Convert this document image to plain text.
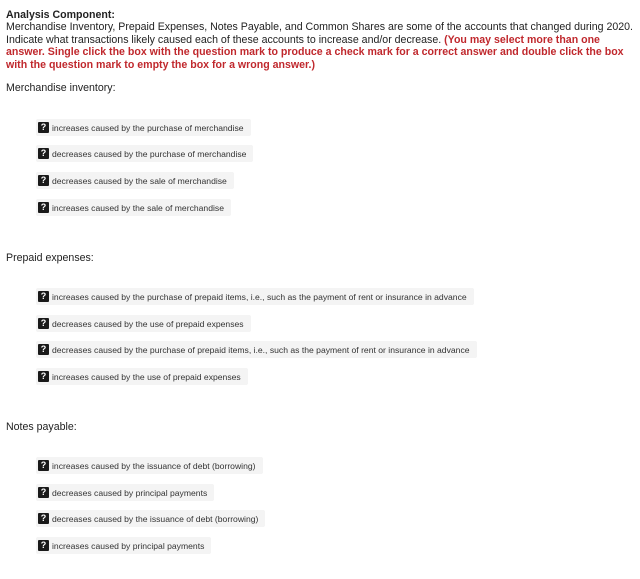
Analysis Component:
Merchandise Inventory, Prepaid Expenses, Notes Payable, and Common Shares are some of the accounts that changed during 2020. Indicate what transactions likely caused each of these accounts to increase and/or decrease. (You may select more than one answer. Single click the box with the question mark to produce a check mark for a correct answer and double click the box with the question mark to empty the box for a wrong answer.)
Merchandise inventory:
? increases caused by the purchase of merchandise
? decreases caused by the purchase of merchandise
? decreases caused by the sale of merchandise
? increases caused by the sale of merchandise
Prepaid expenses:
? increases caused by the purchase of prepaid items, i.e., such as the payment of rent or insurance in advance
? decreases caused by the use of prepaid expenses
? decreases caused by the purchase of prepaid items, i.e., such as the payment of rent or insurance in advance
? increases caused by the use of prepaid expenses
Notes payable:
? increases caused by the issuance of debt (borrowing)
? decreases caused by principal payments
? decreases caused by the issuance of debt (borrowing)
? increases caused by principal payments
